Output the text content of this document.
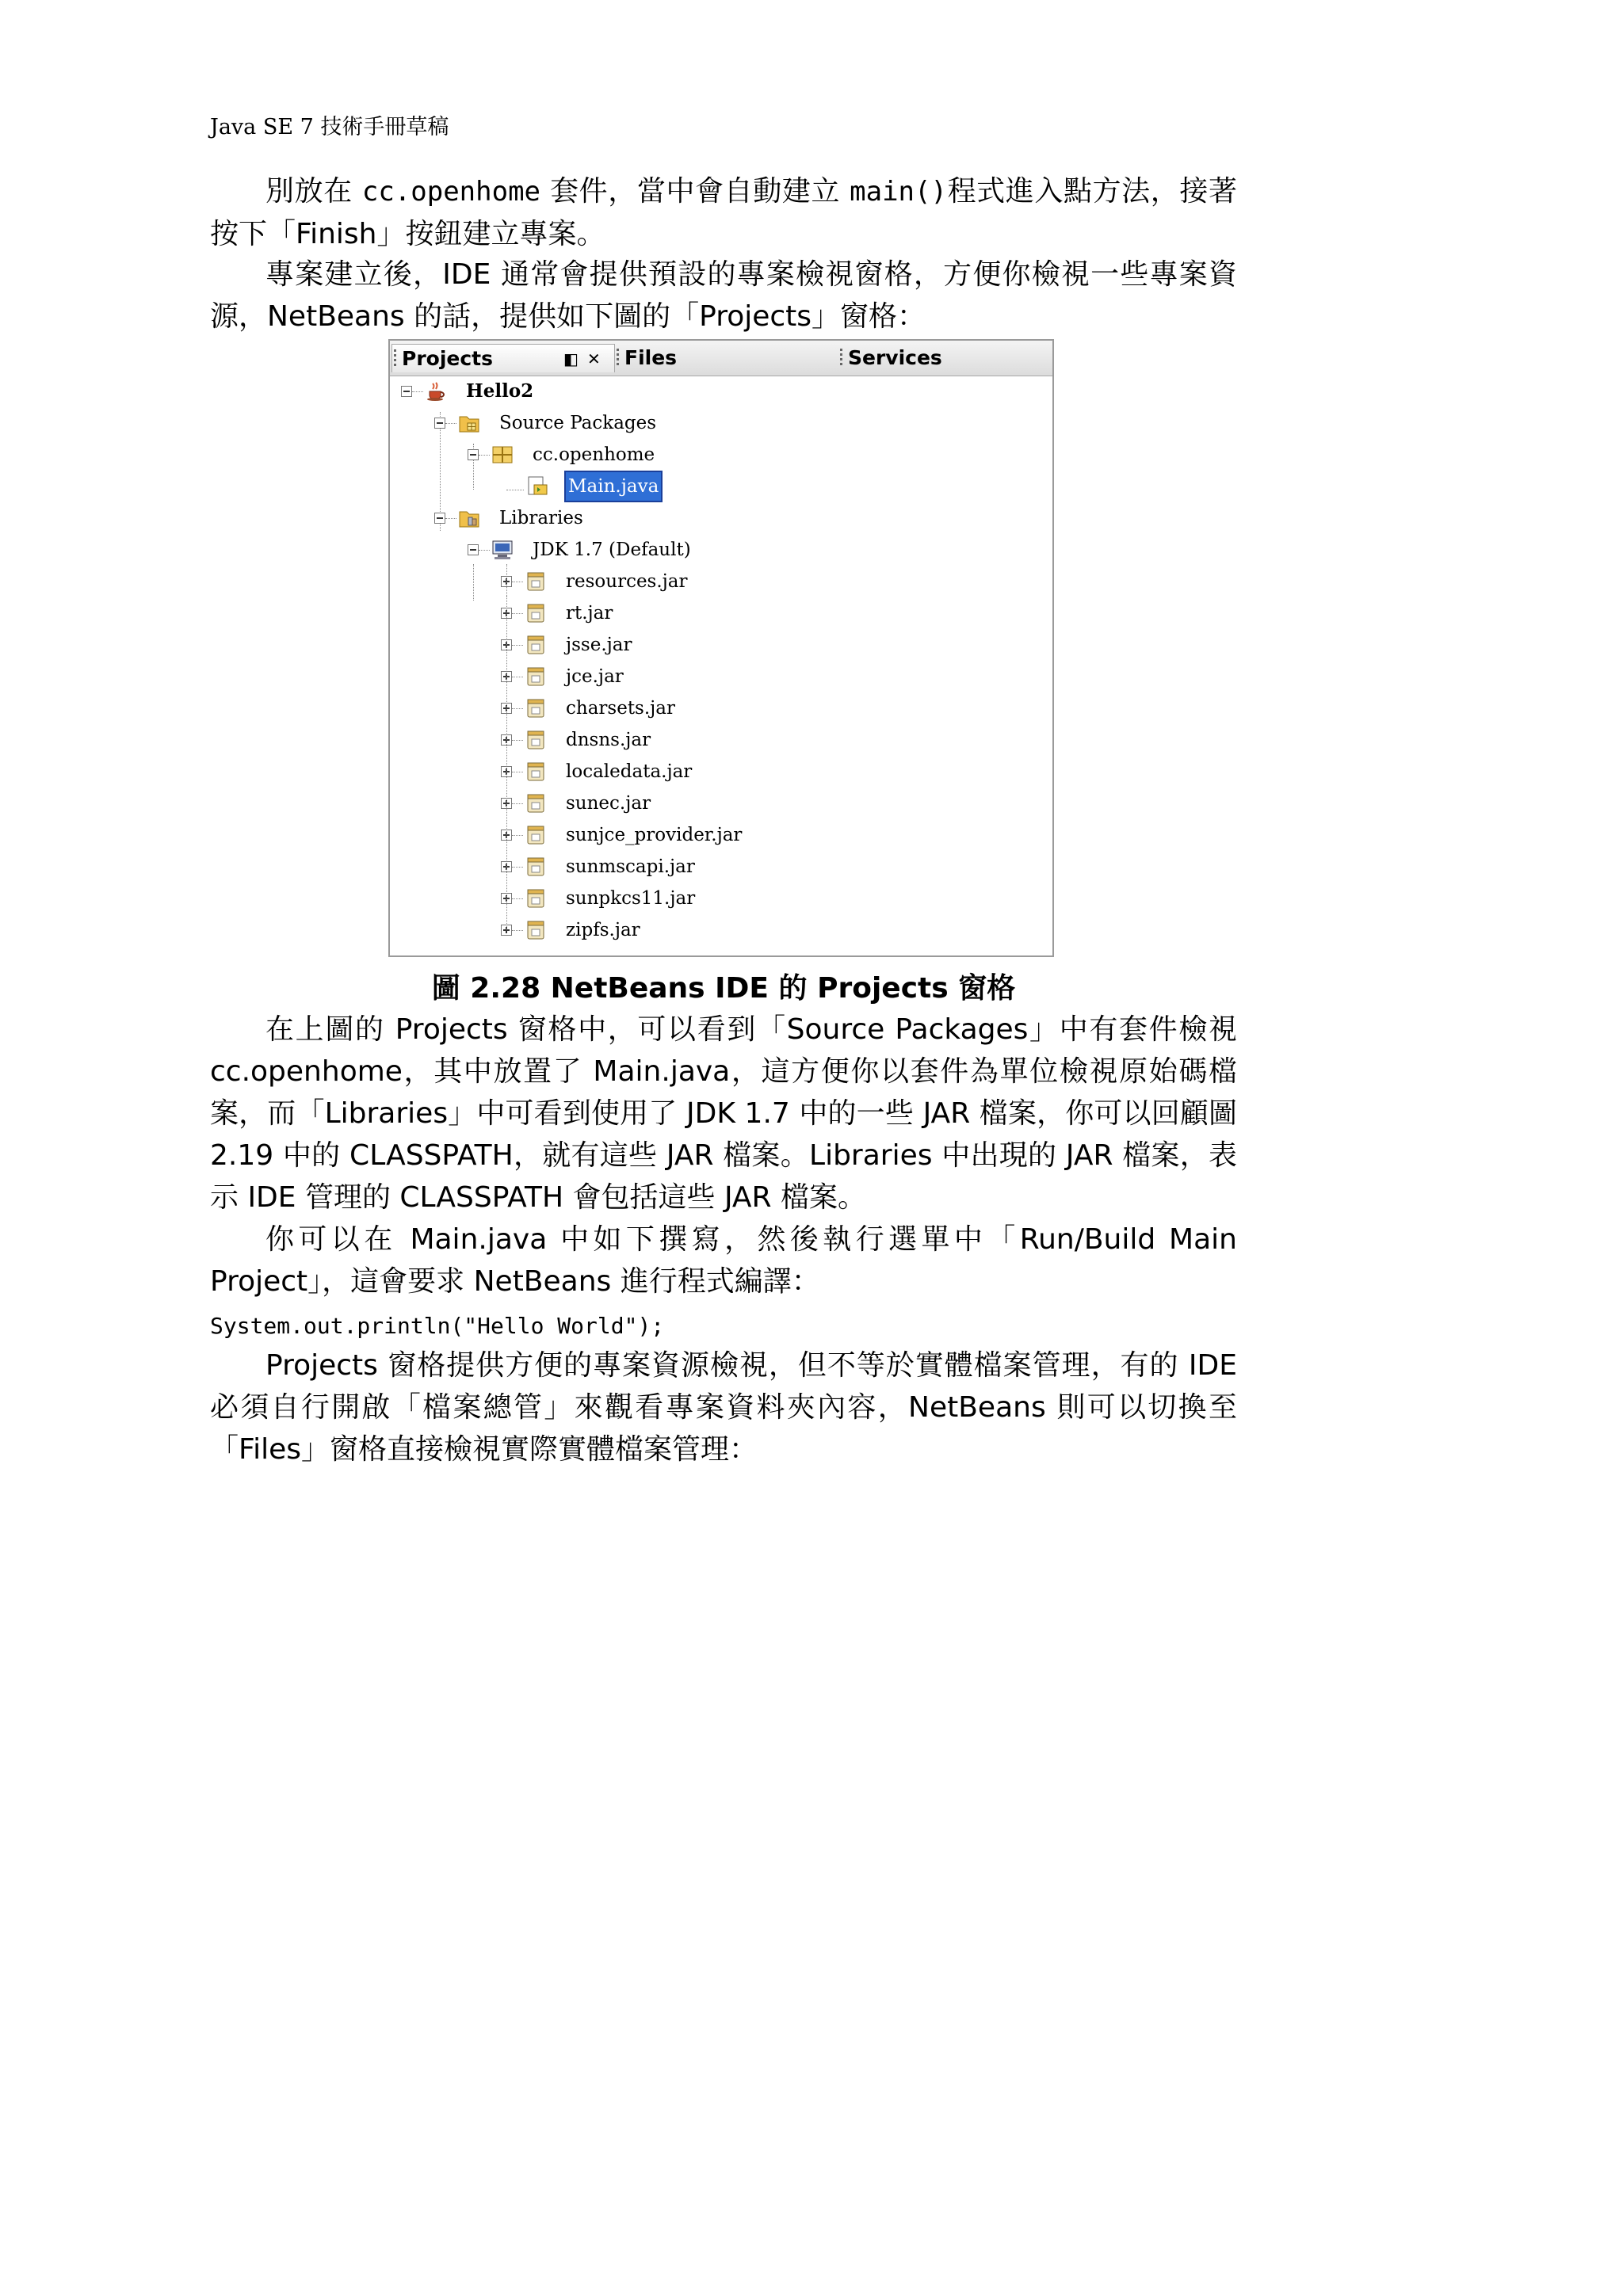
Java SE 7 技術手冊草稿
別放在 cc.openhome 套件，當中會自動建立 main()程式進入點方法，接著按下「Finish」按鈕建立專案。
專案建立後，IDE 通常會提供預設的專案檢視窗格，方便你檢視一些專案資源，NetBeans 的話，提供如下圖的「Projects」窗格：
Projects	◧ ✕	Files	Services
Hello2
Source Packages
cc.openhome
Main.java
Libraries
JDK 1.7 (Default)
resources.jar
rt.jar
jsse.jar
jce.jar
charsets.jar
dnsns.jar
localedata.jar
sunec.jar
sunjce_provider.jar
sunmscapi.jar
sunpkcs11.jar
zipfs.jar
圖 2.28 NetBeans IDE 的 Projects 窗格
在上圖的 Projects 窗格中，可以看到「Source Packages」中有套件檢視 cc.openhome，其中放置了 Main.java，這方便你以套件為單位檢視原始碼檔案，而「Libraries」中可看到使用了 JDK 1.7 中的一些 JAR 檔案，你可以回顧圖 2.19 中的 CLASSPATH，就有這些 JAR 檔案。Libraries 中出現的 JAR 檔案，表示 IDE 管理的 CLASSPATH 會包括這些 JAR 檔案。
你可以在 Main.java 中如下撰寫，然後執行選單中「Run/Build Main Project」，這會要求 NetBeans 進行程式編譯：
System.out.println("Hello World");
Projects 窗格提供方便的專案資源檢視，但不等於實體檔案管理，有的 IDE 必須自行開啟「檔案總管」來觀看專案資料夾內容，NetBeans 則可以切換至「Files」窗格直接檢視實際實體檔案管理：
